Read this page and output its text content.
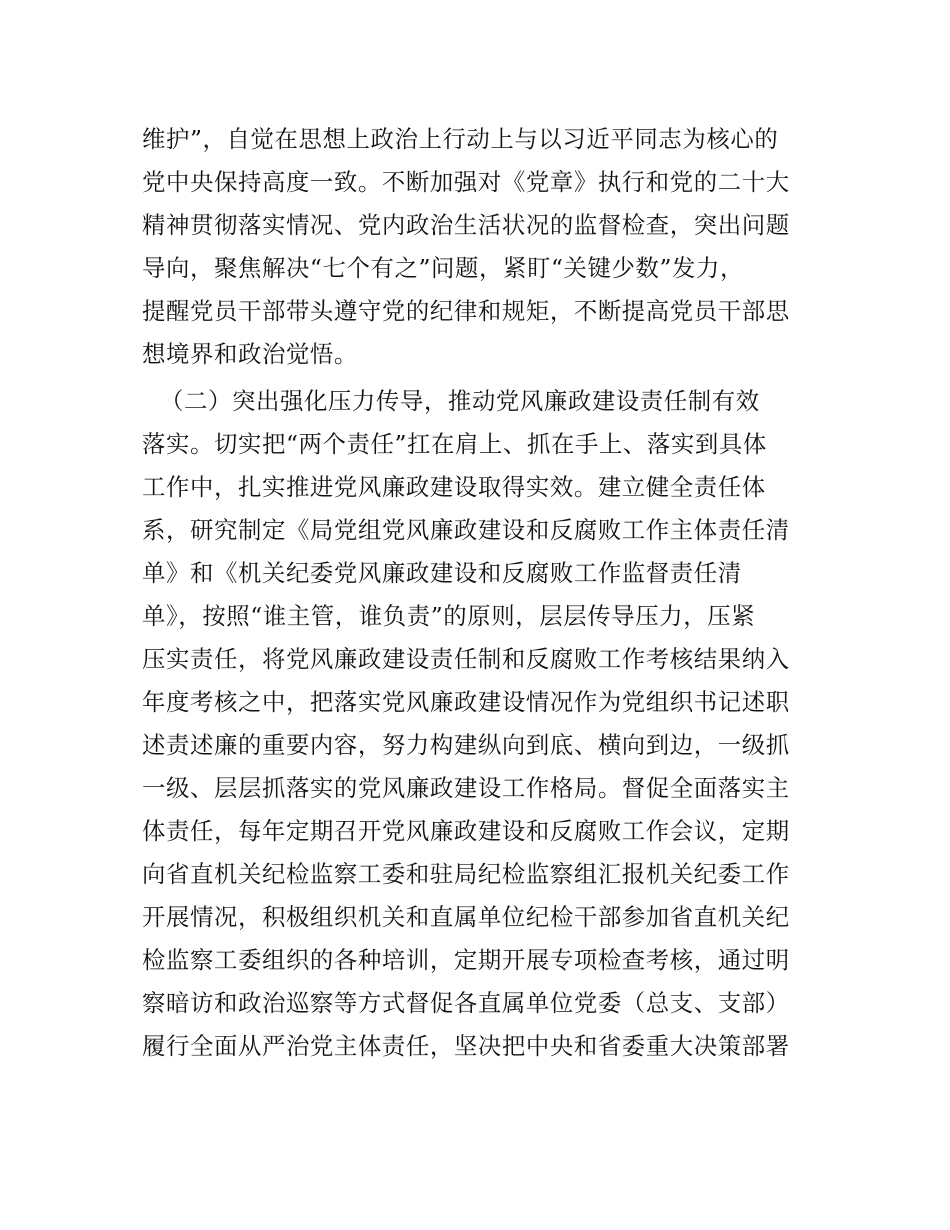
维护”，自觉在思想上政治上行动上与以习近平同志为核心的
党中央保持高度一致。不断加强对《党章》执行和党的二十大
精神贯彻落实情况、党内政治生活状况的监督检查，突出问题
导向，聚焦解决“七个有之”问题，紧盯“关键少数”发力，
提醒党员干部带头遵守党的纪律和规矩，不断提高党员干部思
想境界和政治觉悟。
（二）突出强化压力传导，推动党风廉政建设责任制有效
落实。切实把“两个责任”扛在肩上、抓在手上、落实到具体
工作中，扎实推进党风廉政建设取得实效。建立健全责任体
系，研究制定《局党组党风廉政建设和反腐败工作主体责任清
单》和《机关纪委党风廉政建设和反腐败工作监督责任清
单》，按照“谁主管，谁负责”的原则，层层传导压力，压紧
压实责任，将党风廉政建设责任制和反腐败工作考核结果纳入
年度考核之中，把落实党风廉政建设情况作为党组织书记述职
述责述廉的重要内容，努力构建纵向到底、横向到边，一级抓
一级、层层抓落实的党风廉政建设工作格局。督促全面落实主
体责任，每年定期召开党风廉政建设和反腐败工作会议，定期
向省直机关纪检监察工委和驻局纪检监察组汇报机关纪委工作
开展情况，积极组织机关和直属单位纪检干部参加省直机关纪
检监察工委组织的各种培训，定期开展专项检查考核，通过明
察暗访和政治巡察等方式督促各直属单位党委（总支、支部）
履行全面从严治党主体责任，坚决把中央和省委重大决策部署
